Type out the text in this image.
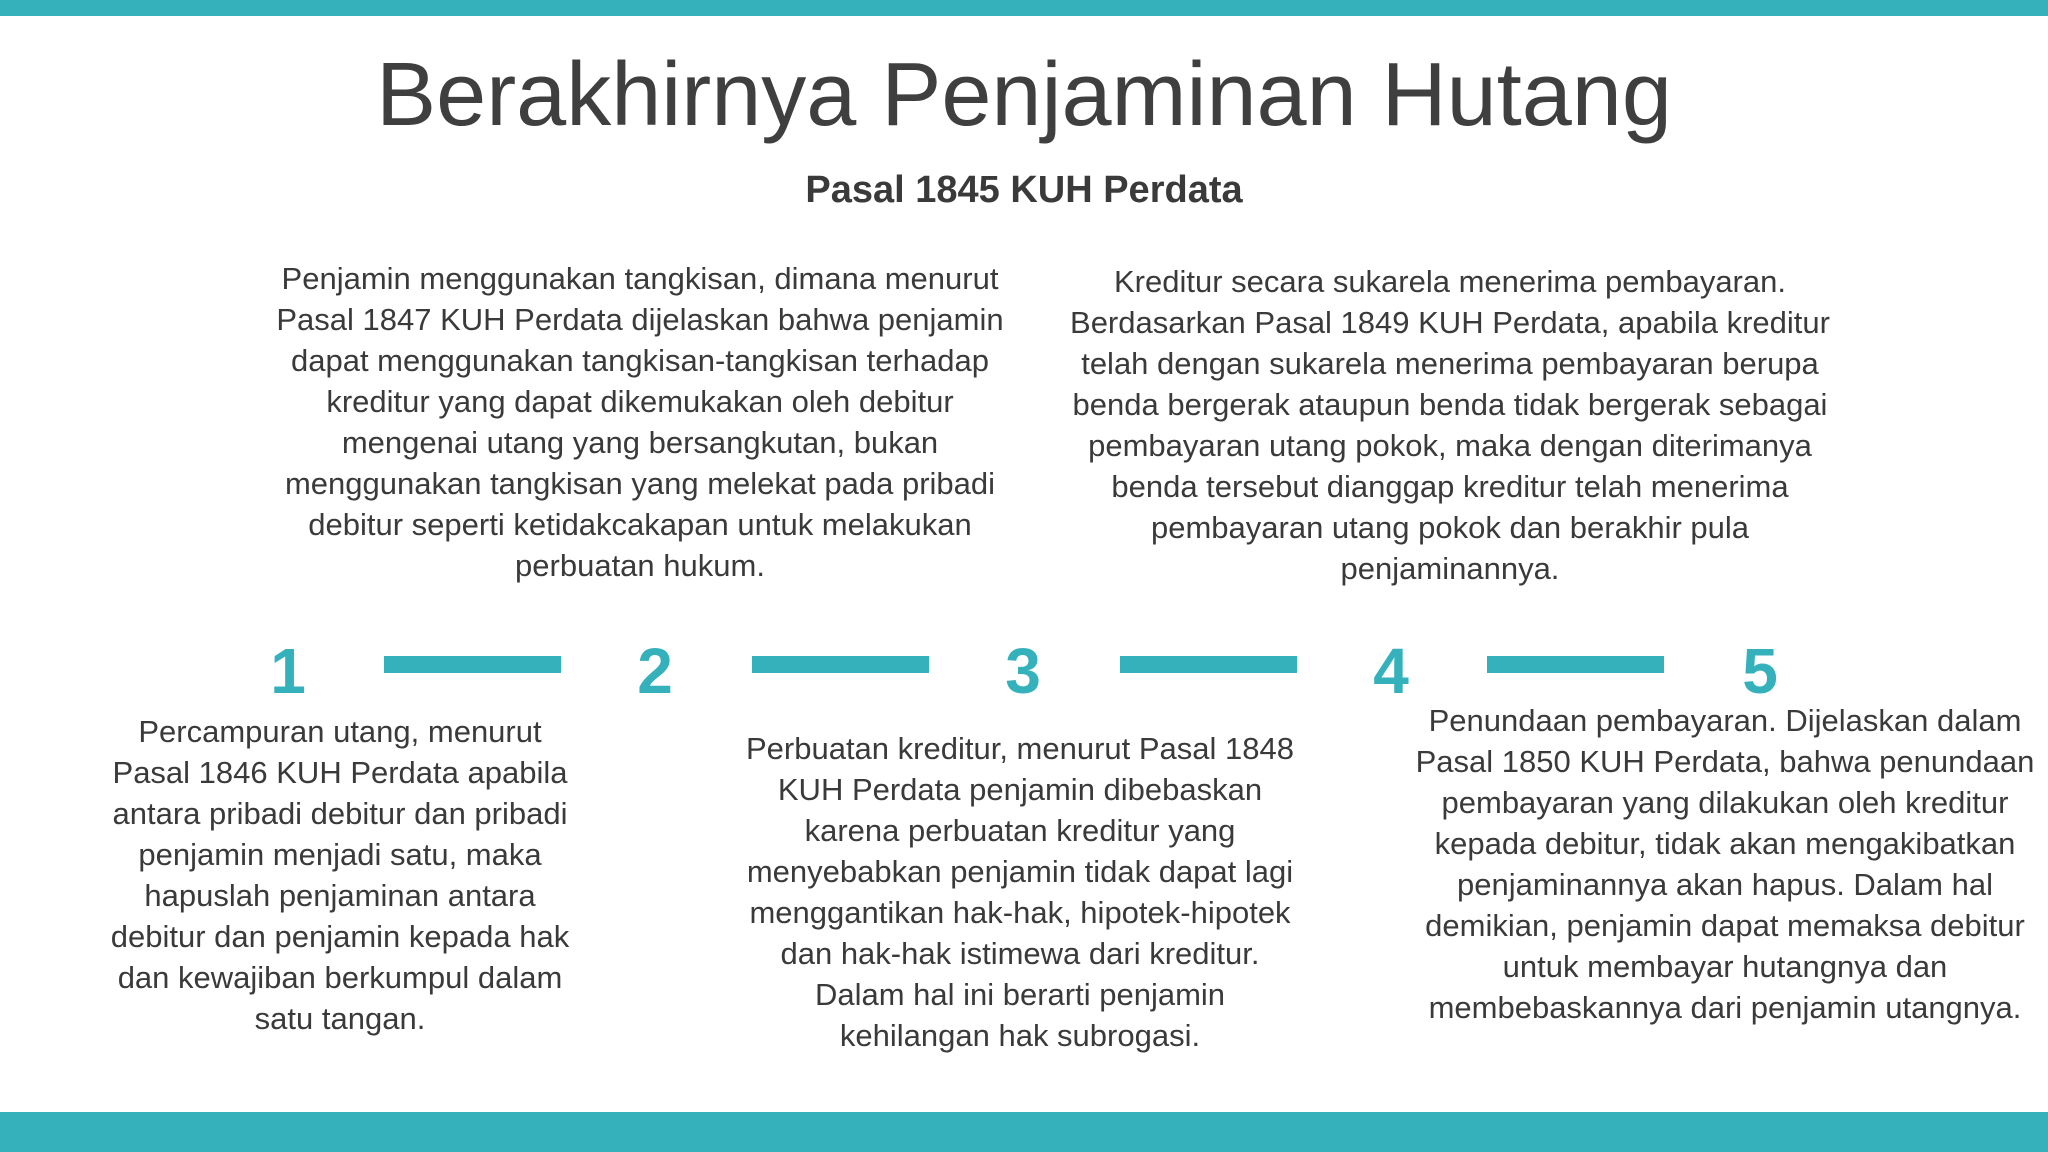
Berakhirnya Penjaminan Hutang
Pasal 1845 KUH Perdata
Penjamin menggunakan tangkisan, dimana menurut Pasal 1847 KUH Perdata dijelaskan bahwa penjamin dapat menggunakan tangkisan-tangkisan terhadap kreditur yang dapat dikemukakan oleh debitur mengenai utang yang bersangkutan, bukan menggunakan tangkisan yang melekat pada pribadi debitur seperti ketidakcakapan untuk melakukan perbuatan hukum.
Kreditur secara sukarela menerima pembayaran. Berdasarkan Pasal 1849 KUH Perdata, apabila kreditur telah dengan sukarela menerima pembayaran berupa benda bergerak ataupun benda tidak bergerak sebagai pembayaran utang pokok, maka dengan diterimanya benda tersebut dianggap kreditur telah menerima pembayaran utang pokok dan berakhir pula penjaminannya.
1	2	3	4	5
Percampuran utang, menurut Pasal 1846 KUH Perdata apabila antara pribadi debitur dan pribadi penjamin menjadi satu, maka hapuslah penjaminan antara debitur dan penjamin kepada hak dan kewajiban berkumpul dalam satu tangan.
Perbuatan kreditur, menurut Pasal 1848 KUH Perdata penjamin dibebaskan karena perbuatan kreditur yang menyebabkan penjamin tidak dapat lagi menggantikan hak-hak, hipotek-hipotek dan hak-hak istimewa dari kreditur. Dalam hal ini berarti penjamin kehilangan hak subrogasi.
Penundaan pembayaran. Dijelaskan dalam Pasal 1850 KUH Perdata, bahwa penundaan pembayaran yang dilakukan oleh kreditur kepada debitur, tidak akan mengakibatkan penjaminannya akan hapus. Dalam hal demikian, penjamin dapat memaksa debitur untuk membayar hutangnya dan membebaskannya dari penjamin utangnya.
